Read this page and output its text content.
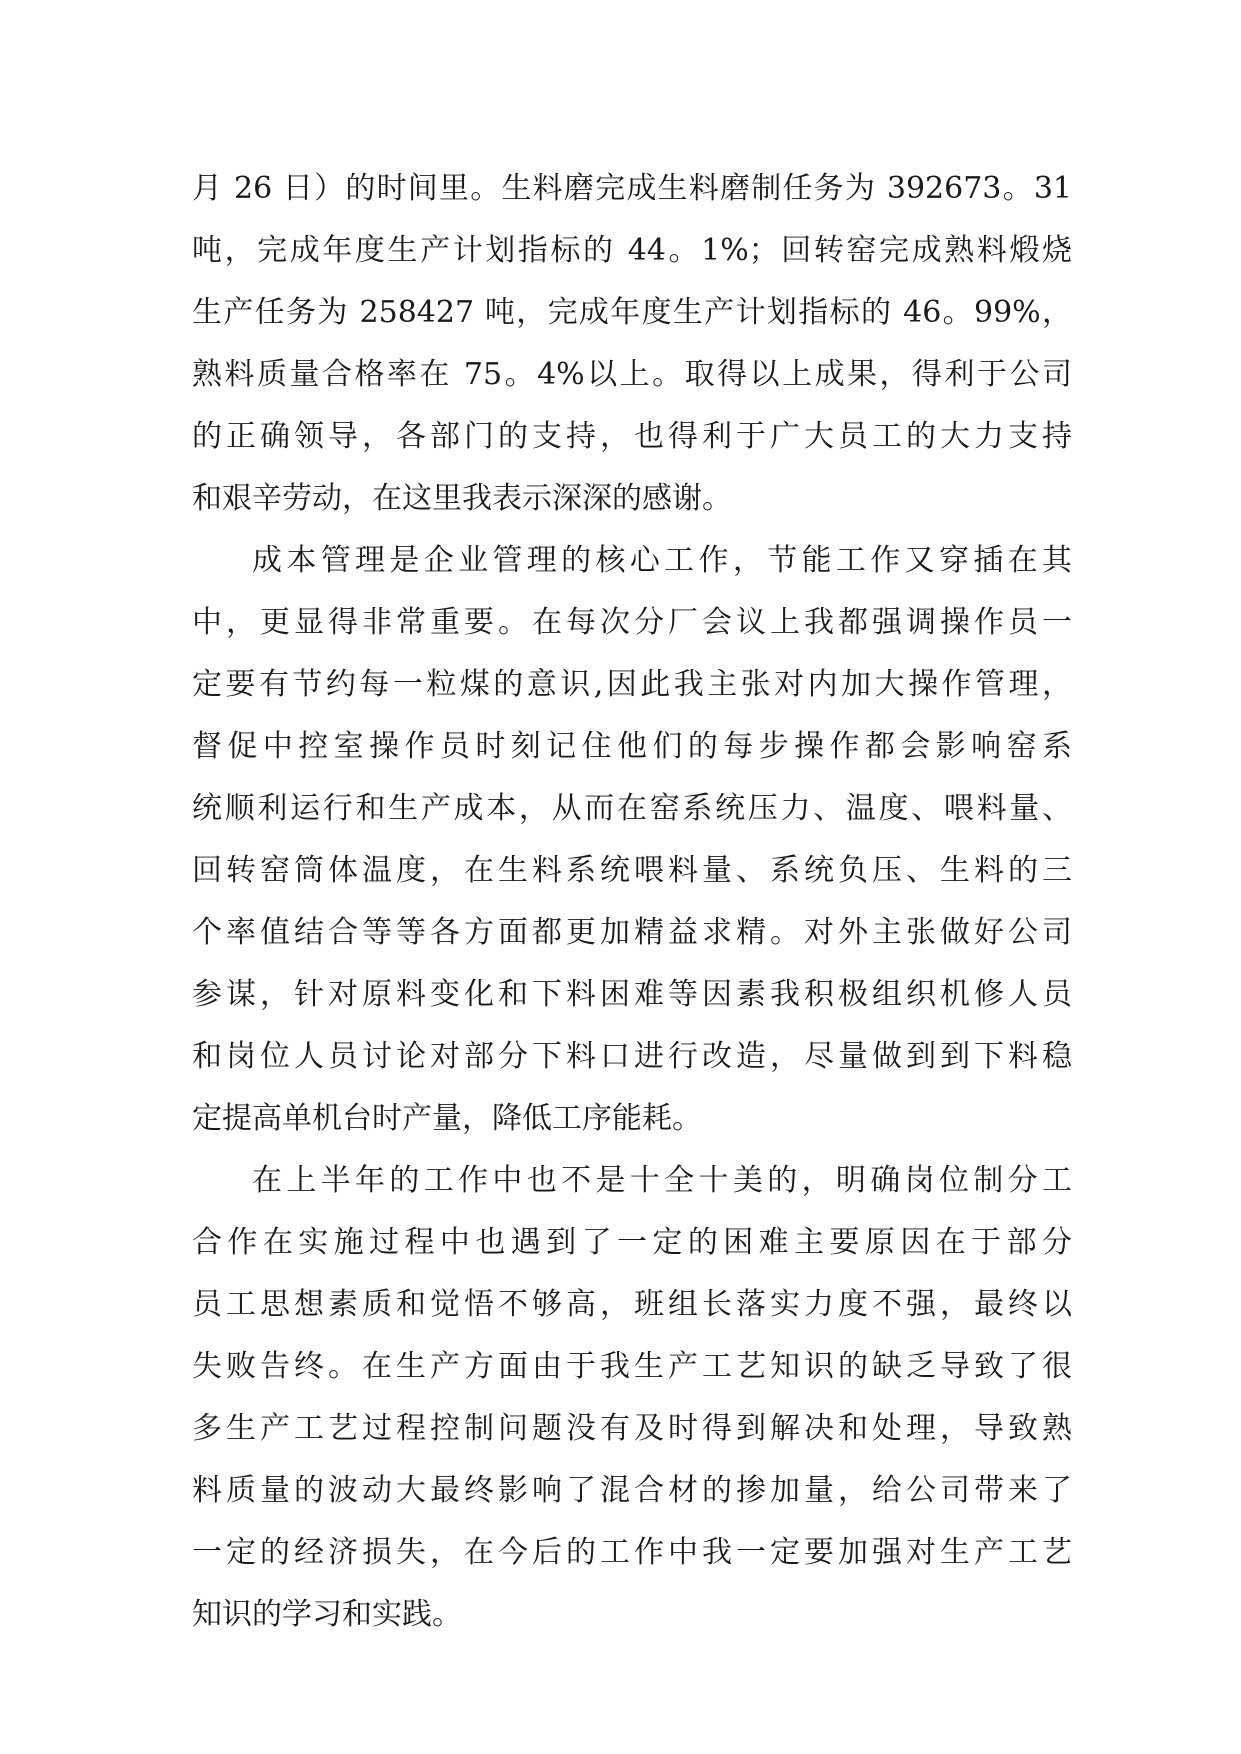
月 26 日）的时间里。生料磨完成生料磨制任务为 392673。31
吨，完成年度生产计划指标的 44。1%；回转窑完成熟料煅烧
生产任务为 258427 吨，完成年度生产计划指标的 46。99%，
熟料质量合格率在 75。4%以上。取得以上成果，得利于公司
的正确领导，各部门的支持，也得利于广大员工的大力支持
和艰辛劳动，在这里我表示深深的感谢。
成本管理是企业管理的核心工作，节能工作又穿插在其
中，更显得非常重要。在每次分厂会议上我都强调操作员一
定要有节约每一粒煤的意识,因此我主张对内加大操作管理，
督促中控室操作员时刻记住他们的每步操作都会影响窑系
统顺利运行和生产成本，从而在窑系统压力、温度、喂料量、
回转窑筒体温度，在生料系统喂料量、系统负压、生料的三
个率值结合等等各方面都更加精益求精。对外主张做好公司
参谋，针对原料变化和下料困难等因素我积极组织机修人员
和岗位人员讨论对部分下料口进行改造，尽量做到到下料稳
定提高单机台时产量，降低工序能耗。
在上半年的工作中也不是十全十美的，明确岗位制分工
合作在实施过程中也遇到了一定的困难主要原因在于部分
员工思想素质和觉悟不够高，班组长落实力度不强，最终以
失败告终。在生产方面由于我生产工艺知识的缺乏导致了很
多生产工艺过程控制问题没有及时得到解决和处理，导致熟
料质量的波动大最终影响了混合材的掺加量，给公司带来了
一定的经济损失，在今后的工作中我一定要加强对生产工艺
知识的学习和实践。
